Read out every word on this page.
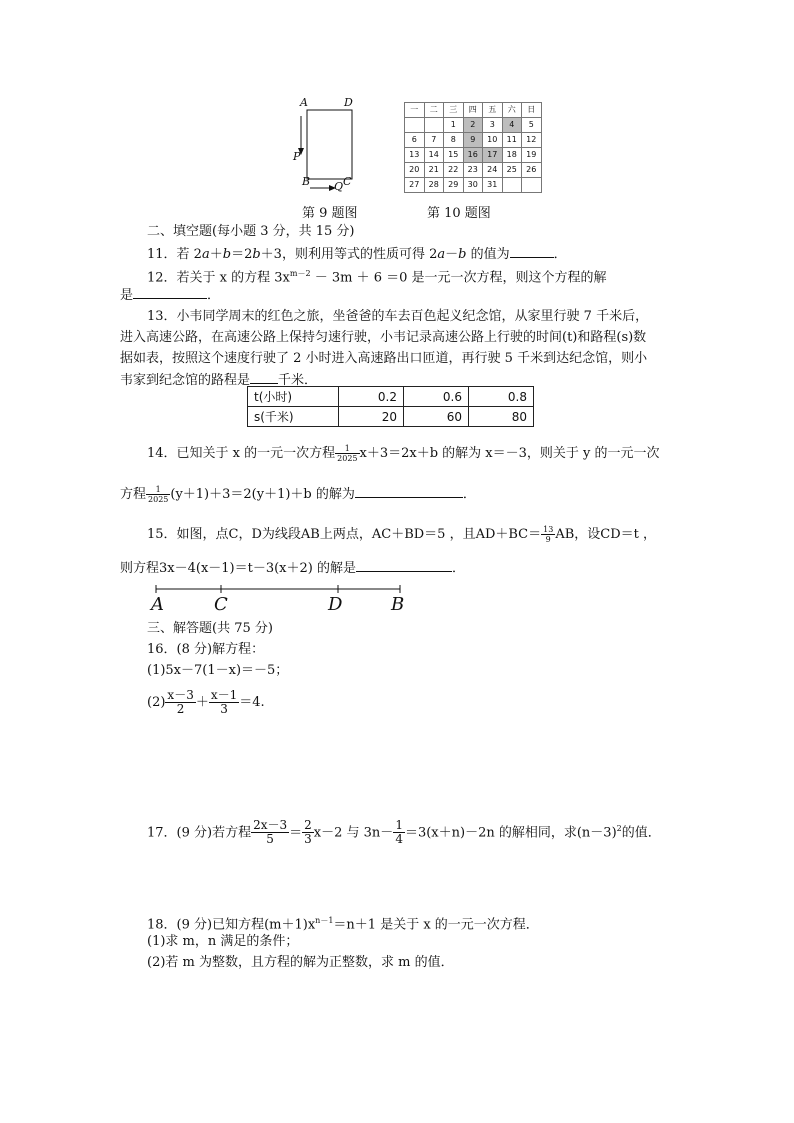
A	D
P
B Q C
第 9 题图
一	二	三	四	五	六	日
		1	2	3	4	5
6	7	8	9	10	11	12
13	14	15	16	17	18	19
20	21	22	23	24	25	26
27	28	29	30	31		
第 10 题图
二、填空题(每小题 3 分，共 15 分)
11．若 2a＋b＝2b＋3，则利用等式的性质可得 2a－b 的值为	．
12．若关于 x 的方程 $3x^{m-2} - 3m + 6 =0$ 是一元一次方程，则这个方程的解
是	．
13．小韦同学周末的红色之旅，坐爸爸的车去百色起义纪念馆，从家里行驶 7 千米后，
进入高速公路，在高速公路上保持匀速行驶，小韦记录高速公路上行驶的时间(t)和路程(s)数
据如表，按照这个速度行驶了 2 小时进入高速路出口匝道，再行驶 5 千米到达纪念馆，则小
韦家到纪念馆的路程是 千米．
t(小时)	0.2	0.6	0.8
s(千米)	20	60	80
14．已知关于 x 的一元一次方程 $\frac{1}{2025} x+3=2x+b$ 的解为 x＝－3，则关于 y 的一元一次
方程 $\frac{1}{2025} (y+1)+3=2(y+1)+b$ 的解为	．
15．如图，点C，D为线段AB上两点，AC＋BD＝5 ，且$AD+BC= \frac{13}{9}$ AB，设CD＝t ，
则方程3x－4(x－1)＝t－3(x＋2) 的解是	．
A	C	D	B
三、解答题(共 75 分)
16．(8 分)解方程：
(1)5x－7(1－x)＝－5；
$(2) \frac{x-3}{2} + \frac{x-1}{3} =4$.
17．(9 分)若方程 $\frac{2x-3}{5} = \frac{2}{3} x-2$ 与 $3n- \frac{1}{4} =3(x+n)-2n$ 的解相同，求$(n-3)^2$的值．
18．(9 分)已知方程$(m+1)x^{n-1}=n+1$ 是关于 x 的一元一次方程．
(1)求 m，n 满足的条件；
(2)若 m 为整数，且方程的解为正整数，求 m 的值．
